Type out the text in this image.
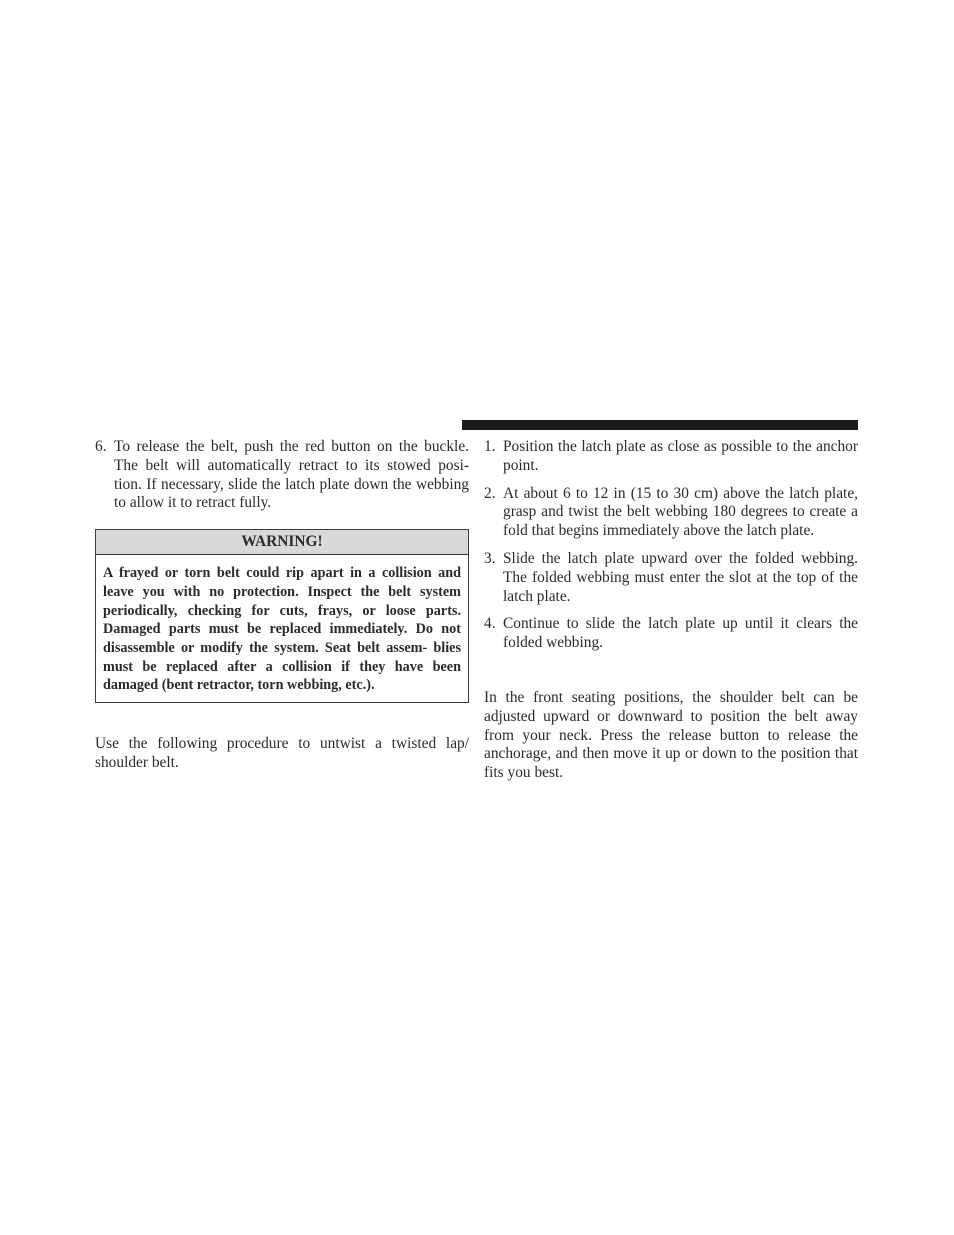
6. To release the belt, push the red button on the buckle. The belt will automatically retract to its stowed posi- tion. If necessary, slide the latch plate down the webbing to allow it to retract fully.
WARNING!
A frayed or torn belt could rip apart in a collision and leave you with no protection. Inspect the belt system periodically, checking for cuts, frays, or loose parts. Damaged parts must be replaced immediately. Do not disassemble or modify the system. Seat belt assem- blies must be replaced after a collision if they have been damaged (bent retractor, torn webbing, etc.).

Use the following procedure to untwist a twisted lap/ shoulder belt.

1. Position the latch plate as close as possible to the anchor point.
2. At about 6 to 12 in (15 to 30 cm) above the latch plate, grasp and twist the belt webbing 180 degrees to create a fold that begins immediately above the latch plate.
3. Slide the latch plate upward over the folded webbing. The folded webbing must enter the slot at the top of the latch plate.
4. Continue to slide the latch plate up until it clears the folded webbing.

In the front seating positions, the shoulder belt can be adjusted upward or downward to position the belt away from your neck. Press the release button to release the anchorage, and then move it up or down to the position that fits you best.
